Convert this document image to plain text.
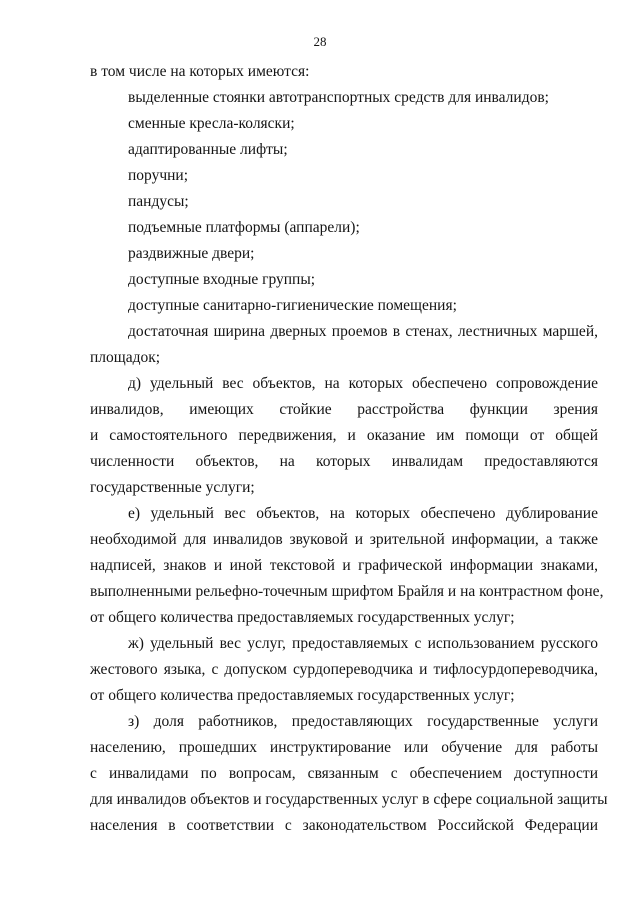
28
в том числе на которых имеются:
выделенные стоянки автотранспортных средств для инвалидов;
сменные кресла-коляски;
адаптированные лифты;
поручни;
пандусы;
подъемные платформы (аппарели);
раздвижные двери;
доступные входные группы;
доступные санитарно-гигиенические помещения;
достаточная ширина дверных проемов в стенах, лестничных маршей,
площадок;
д) удельный вес объектов, на которых обеспечено сопровождение
инвалидов, имеющих стойкие расстройства функции зрения
и самостоятельного передвижения, и оказание им помощи от общей
численности объектов, на которых инвалидам предоставляются
государственные услуги;
е) удельный вес объектов, на которых обеспечено дублирование
необходимой для инвалидов звуковой и зрительной информации, а также
надписей, знаков и иной текстовой и графической информации знаками,
выполненными рельефно-точечным шрифтом Брайля и на контрастном фоне,
от общего количества предоставляемых государственных услуг;
ж) удельный вес услуг, предоставляемых с использованием русского
жестового языка, с допуском сурдопереводчика и тифлосурдопереводчика,
от общего количества предоставляемых государственных услуг;
з) доля работников, предоставляющих государственные услуги
населению, прошедших инструктирование или обучение для работы
с инвалидами по вопросам, связанным с обеспечением доступности
для инвалидов объектов и государственных услуг в сфере социальной защиты
населения в соответствии с законодательством Российской Федерации
